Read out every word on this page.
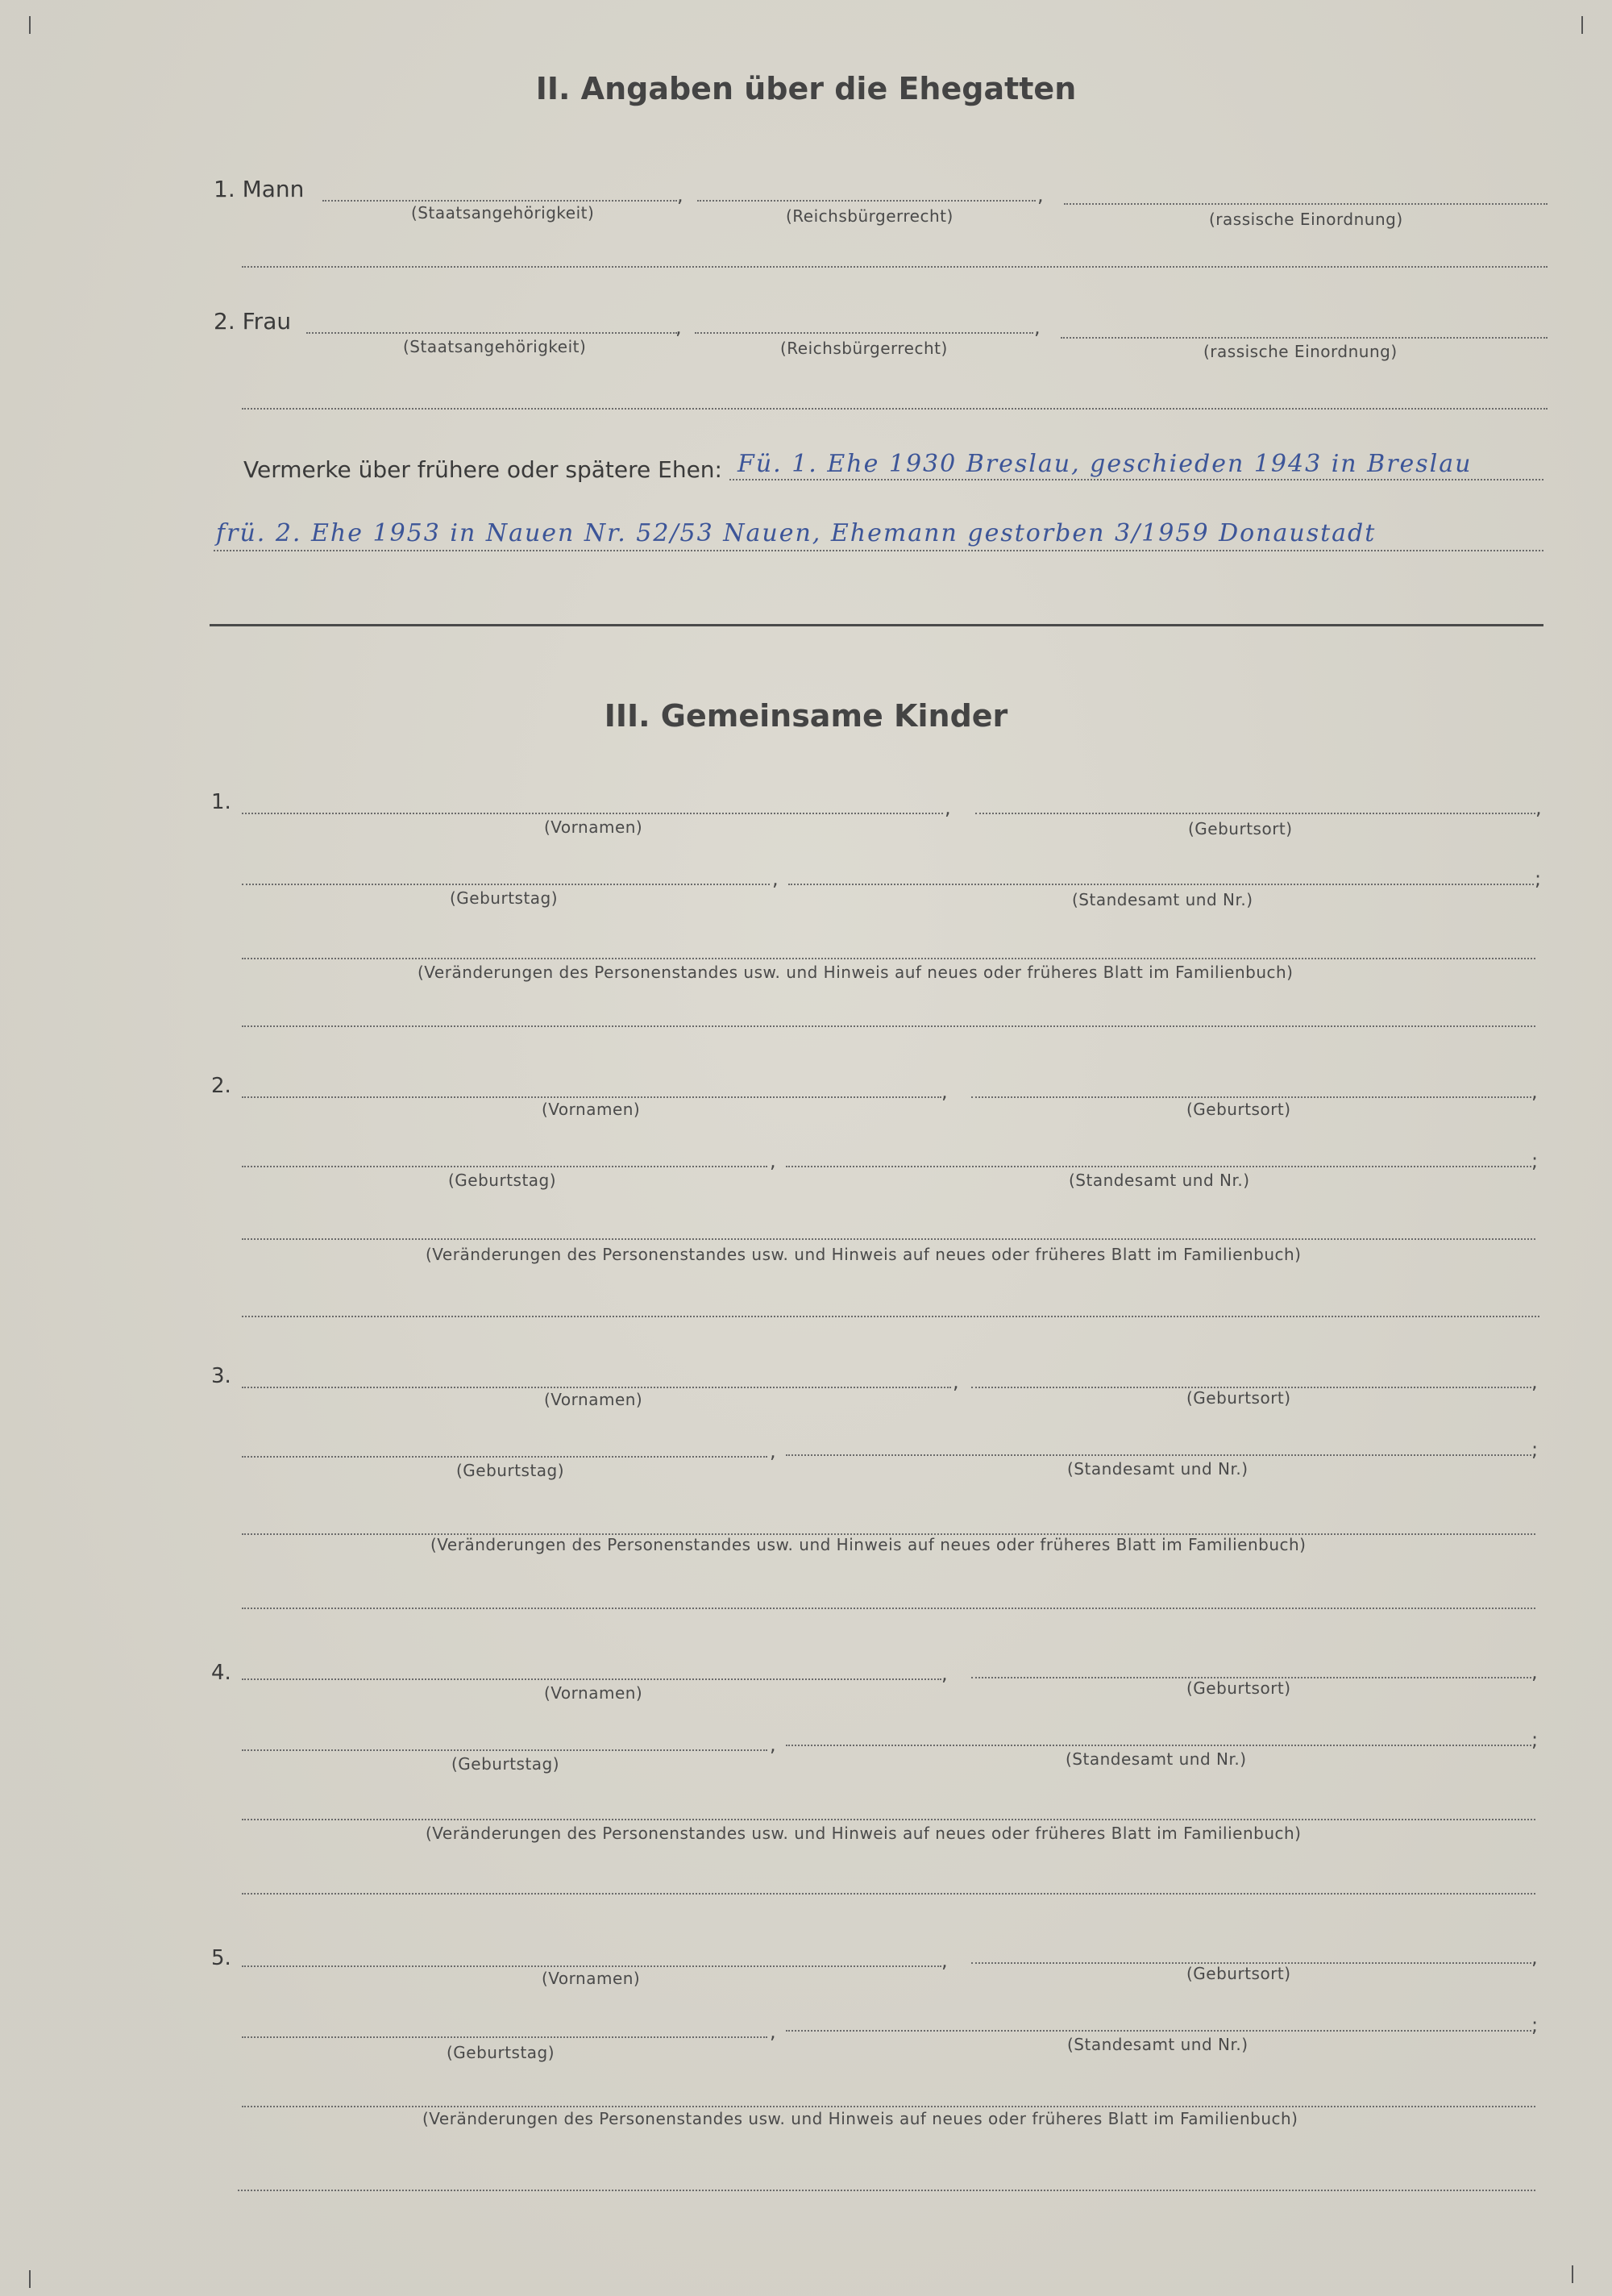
II. Angaben über die Ehegatten
1. Mann	,	,
(Staatsangehörigkeit)	(Reichsbürgerrecht)	(rassische Einordnung)
2. Frau	,	,
(Staatsangehörigkeit)	(Reichsbürgerrecht)	(rassische Einordnung)
Vermerke über frühere oder spätere Ehen: Fü. 1. Ehe 1930 Breslau, geschieden 1943 in Breslau
frü. 2. Ehe 1953 in Nauen Nr. 52/53 Nauen, Ehemann gestorben 3/1959 Donaustadt
III. Gemeinsame Kinder
1.	,	,
(Vornamen)	(Geburtsort)
,	;
(Geburtstag)	(Standesamt und Nr.)
(Veränderungen des Personenstandes usw. und Hinweis auf neues oder früheres Blatt im Familienbuch)
2.	,	,
(Vornamen)	(Geburtsort)
,	;
(Geburtstag)	(Standesamt und Nr.)
(Veränderungen des Personenstandes usw. und Hinweis auf neues oder früheres Blatt im Familienbuch)
3.	,	,
(Vornamen)	(Geburtsort)
,	;
(Geburtstag)	(Standesamt und Nr.)
(Veränderungen des Personenstandes usw. und Hinweis auf neues oder früheres Blatt im Familienbuch)
4.	,	,
(Vornamen)	(Geburtsort)
,	;
(Geburtstag)	(Standesamt und Nr.)
(Veränderungen des Personenstandes usw. und Hinweis auf neues oder früheres Blatt im Familienbuch)
5.	,	,
(Vornamen)	(Geburtsort)
,	;
(Geburtstag)	(Standesamt und Nr.)
(Veränderungen des Personenstandes usw. und Hinweis auf neues oder früheres Blatt im Familienbuch)
